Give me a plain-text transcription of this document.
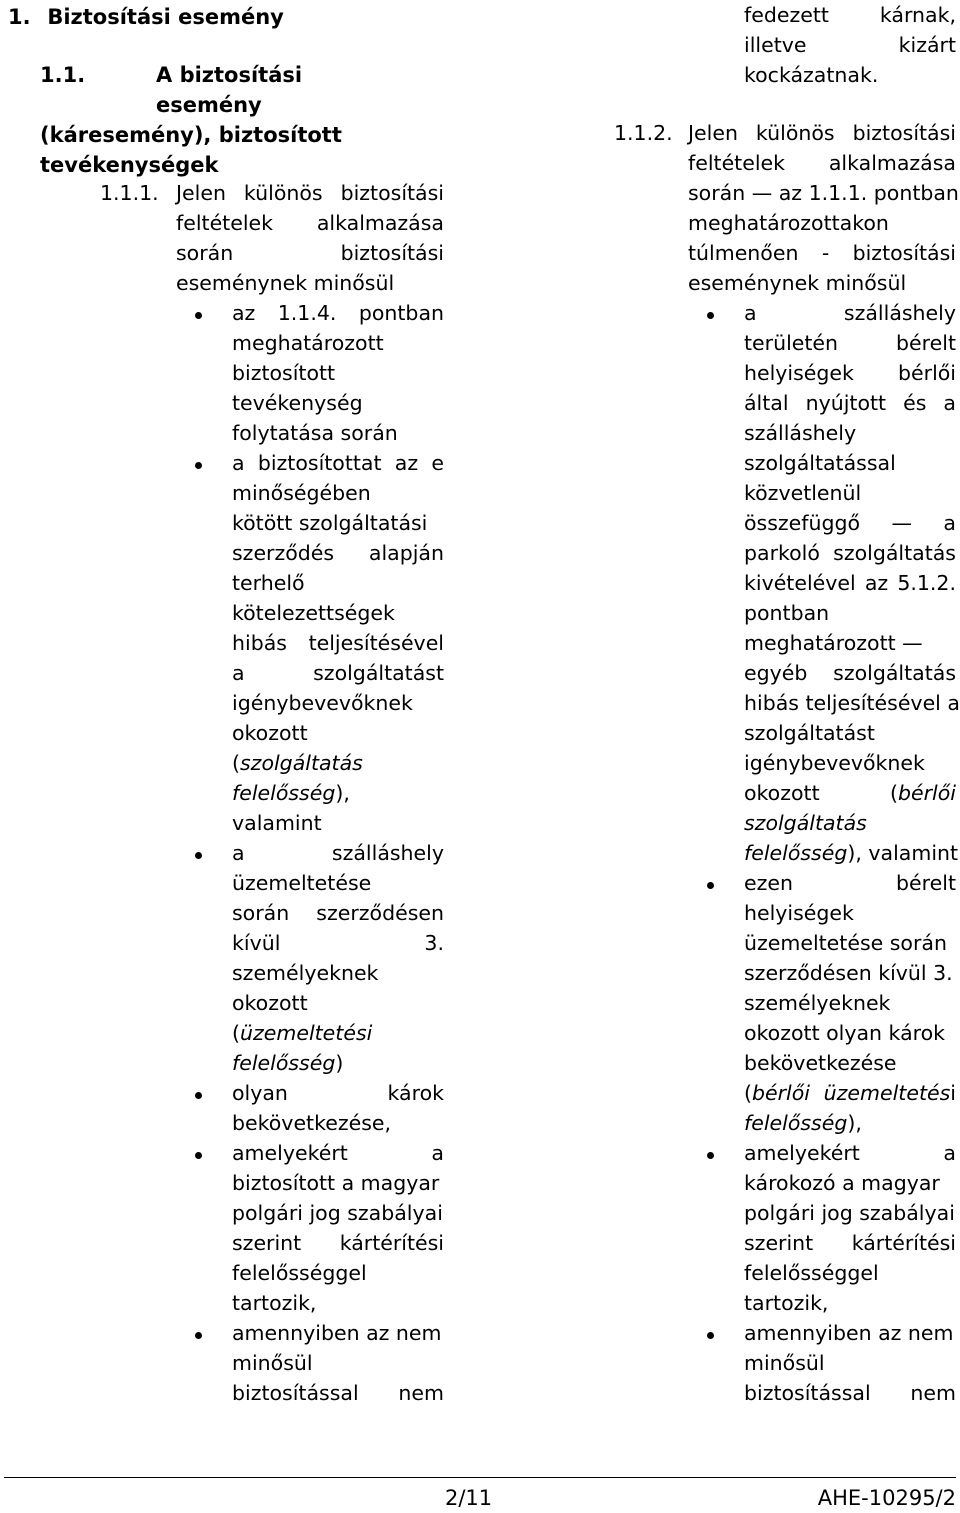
1. Biztosítási esemény
1.1.	A biztosítási esemény
(káresemény), biztosított
tevékenységek
1.1.1. Jelen különös biztosítási
feltételek alkalmazása
során biztosítási
eseménynek minősül
az 1.1.4. pontban
meghatározott
biztosított
tevékenység
folytatása során
a biztosítottat az e
minőségében
kötött szolgáltatási
szerződés alapján
terhelő
kötelezettségek
hibás teljesítésével
a szolgáltatást
igénybevevőknek
okozott
(szolgáltatás
felelősség),
valamint
a szálláshely
üzemeltetése
során szerződésen
kívül 3.
személyeknek
okozott
(üzemeltetési
felelősség)
olyan károk
bekövetkezése,
amelyekért a
biztosított a magyar
polgári jog szabályai
szerint kártérítési
felelősséggel
tartozik,
amennyiben az nem
minősül
biztosítással nem
fedezett kárnak,
illetve kizárt
kockázatnak.
1.1.2. Jelen különös biztosítási
feltételek alkalmazása
során — az 1.1.1. pontban
meghatározottakon
túlmenően - biztosítási
eseménynek minősül
a szálláshely
területén bérelt
helyiségek bérlői
által nyújtott és a
szálláshely
szolgáltatással
közvetlenül
összefüggő — a
parkoló szolgáltatás
kivételével az 5.1.2.
pontban
meghatározott —
egyéb szolgáltatás
hibás teljesítésével a
szolgáltatást
igénybevevőknek
okozott (bérlői
szolgáltatás
felelősség), valamint
ezen bérelt
helyiségek
üzemeltetése során
szerződésen kívül 3.
személyeknek
okozott olyan károk
bekövetkezése
(bérlői üzemeltetési
felelősség),
amelyekért a
károkozó a magyar
polgári jog szabályai
szerint kártérítési
felelősséggel
tartozik,
amennyiben az nem
minősül
biztosítással nem
2/11	AHE-10295/2
